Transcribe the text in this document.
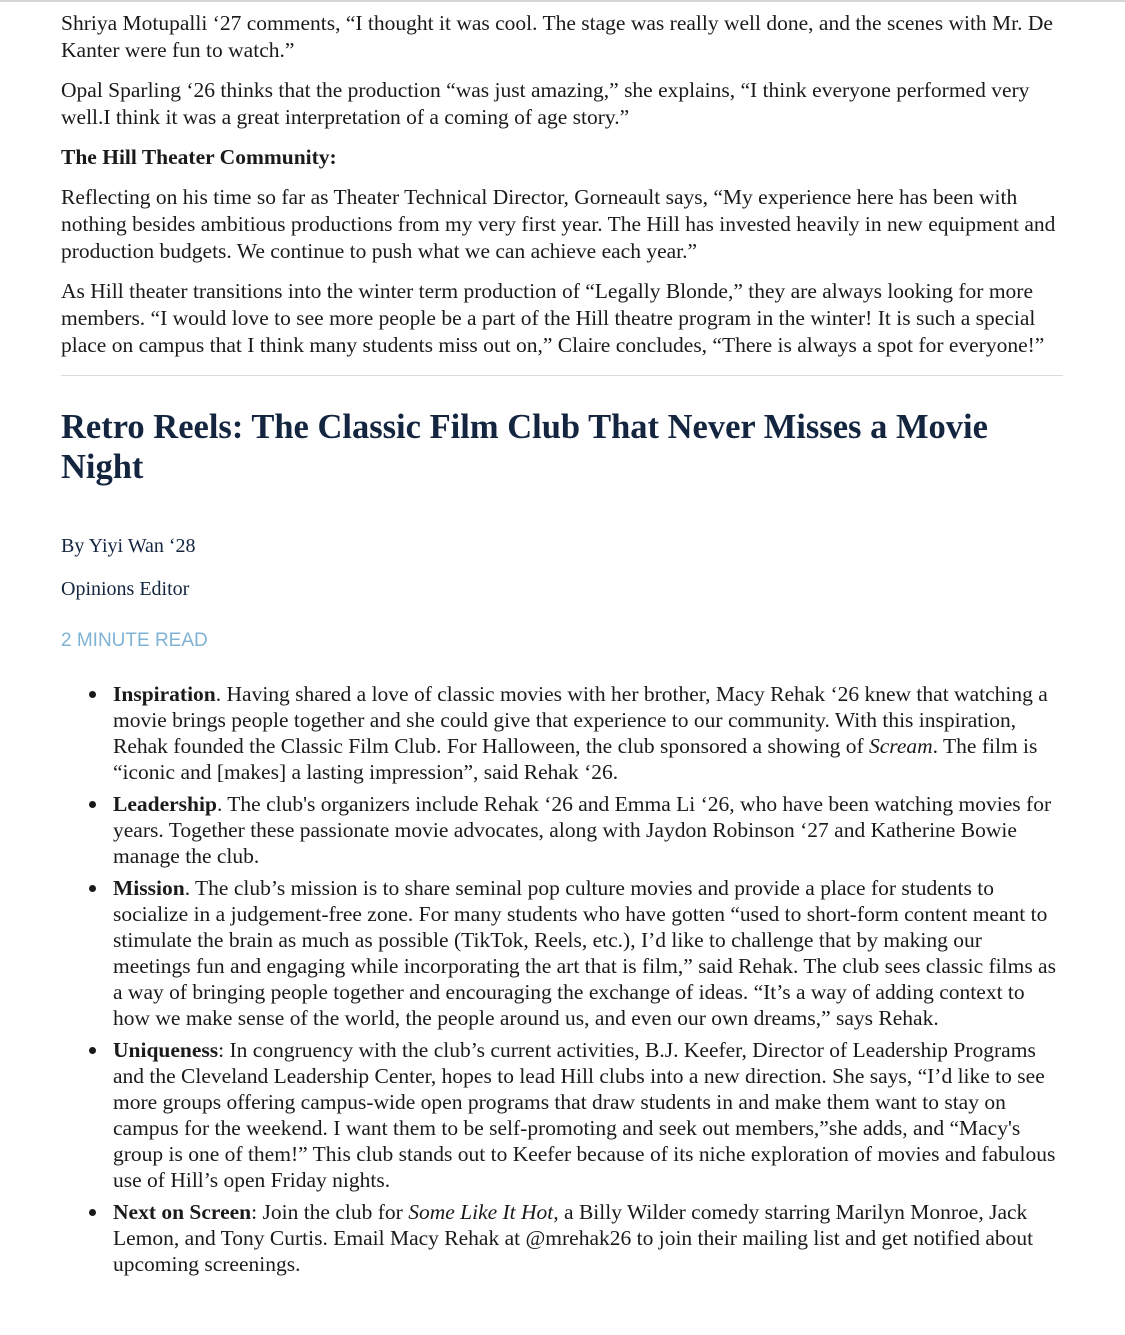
Shriya Motupalli ‘27 comments, “I thought it was cool. The stage was really well done, and the scenes with Mr. De Kanter were fun to watch.”

Opal Sparling ‘26 thinks that the production “was just amazing,” she explains, “I think everyone performed very well.I think it was a great interpretation of a coming of age story.”

The Hill Theater Community:

Reflecting on his time so far as Theater Technical Director, Gorneault says, “My experience here has been with nothing besides ambitious productions from my very first year. The Hill has invested heavily in new equipment and production budgets. We continue to push what we can achieve each year.”

As Hill theater transitions into the winter term production of “Legally Blonde,” they are always looking for more members. “I would love to see more people be a part of the Hill theatre program in the winter! It is such a special place on campus that I think many students miss out on,” Claire concludes, “There is always a spot for everyone!”

Retro Reels: The Classic Film Club That Never Misses a Movie Night
By Yiyi Wan ‘28
Opinions Editor
2 MINUTE READ
Inspiration. Having shared a love of classic movies with her brother, Macy Rehak ‘26 knew that watching a movie brings people together and she could give that experience to our community. With this inspiration, Rehak founded the Classic Film Club. For Halloween, the club sponsored a showing of Scream. The film is “iconic and [makes] a lasting impression”, said Rehak ‘26.
Leadership. The club's organizers include Rehak ‘26 and Emma Li ‘26, who have been watching movies for years. Together these passionate movie advocates, along with Jaydon Robinson ‘27 and Katherine Bowie manage the club.
Mission. The club’s mission is to share seminal pop culture movies and provide a place for students to socialize in a judgement-free zone. For many students who have gotten “used to short-form content meant to stimulate the brain as much as possible (TikTok, Reels, etc.), I’d like to challenge that by making our meetings fun and engaging while incorporating the art that is film,” said Rehak. The club sees classic films as a way of bringing people together and encouraging the exchange of ideas. “It’s a way of adding context to how we make sense of the world, the people around us, and even our own dreams,” says Rehak.
Uniqueness: In congruency with the club’s current activities, B.J. Keefer, Director of Leadership Programs and the Cleveland Leadership Center, hopes to lead Hill clubs into a new direction. She says, “I’d like to see more groups offering campus-wide open programs that draw students in and make them want to stay on campus for the weekend. I want them to be self-promoting and seek out members,”she adds, and “Macy's group is one of them!” This club stands out to Keefer because of its niche exploration of movies and fabulous use of Hill’s open Friday nights.
Next on Screen: Join the club for Some Like It Hot, a Billy Wilder comedy starring Marilyn Monroe, Jack Lemon, and Tony Curtis. Email Macy Rehak at @mrehak26 to join their mailing list and get notified about upcoming screenings.
